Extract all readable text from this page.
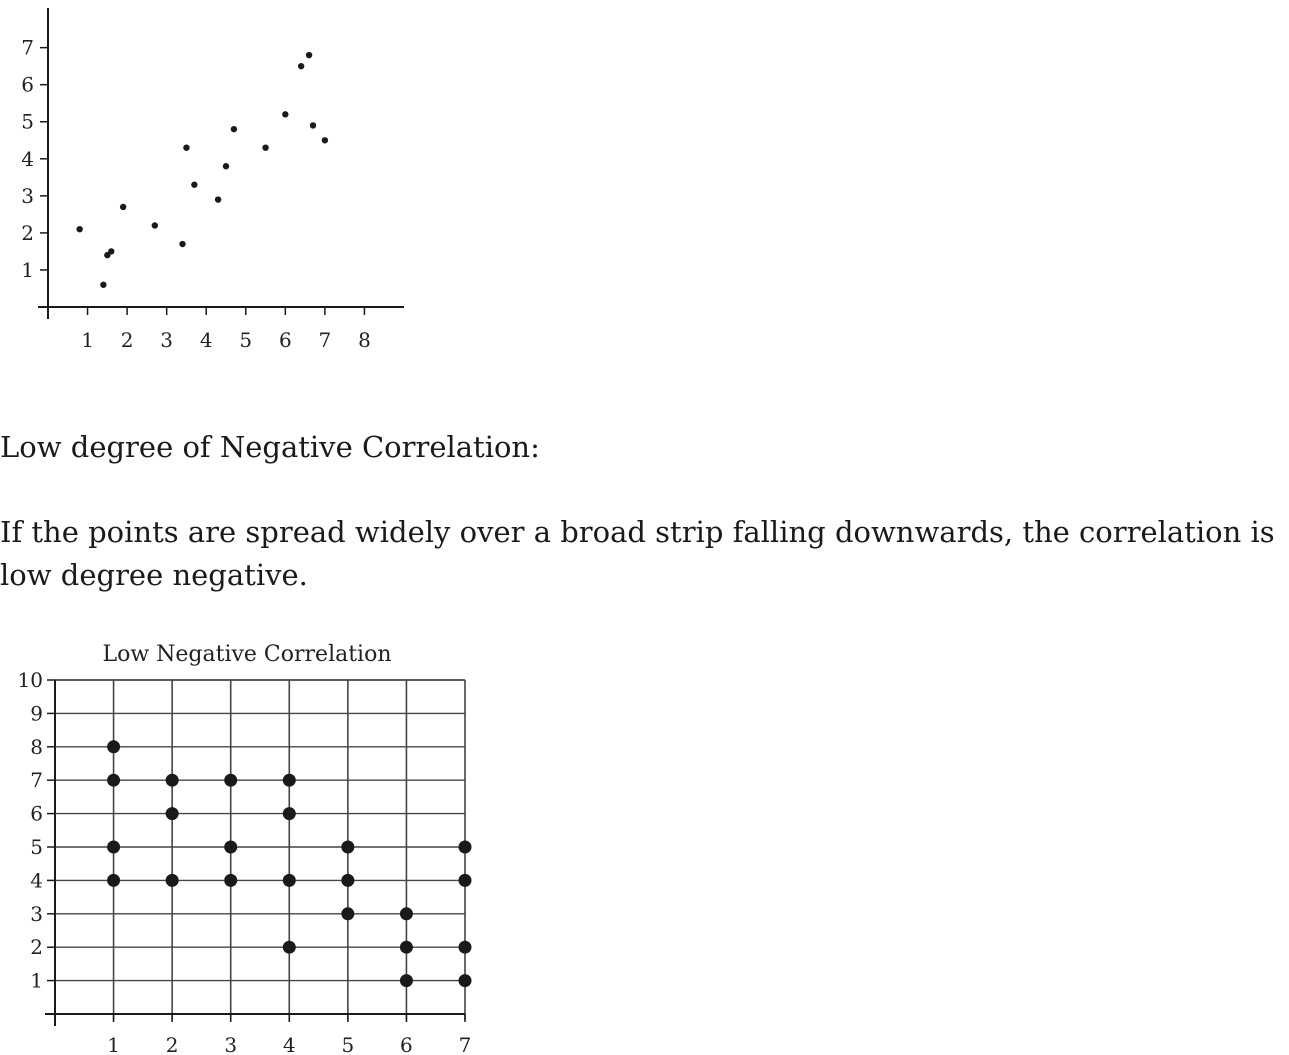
1 2 3 4 5 6 7 8
1
2
3
4
5
6
7

Low degree of Negative Correlation:

If the points are spread widely over a broad strip falling downwards, the correlation is low degree negative.

Low Negative Correlation
1 2 3 4 5 6 7
1
2
3
4
5
6
7
8
9
10
